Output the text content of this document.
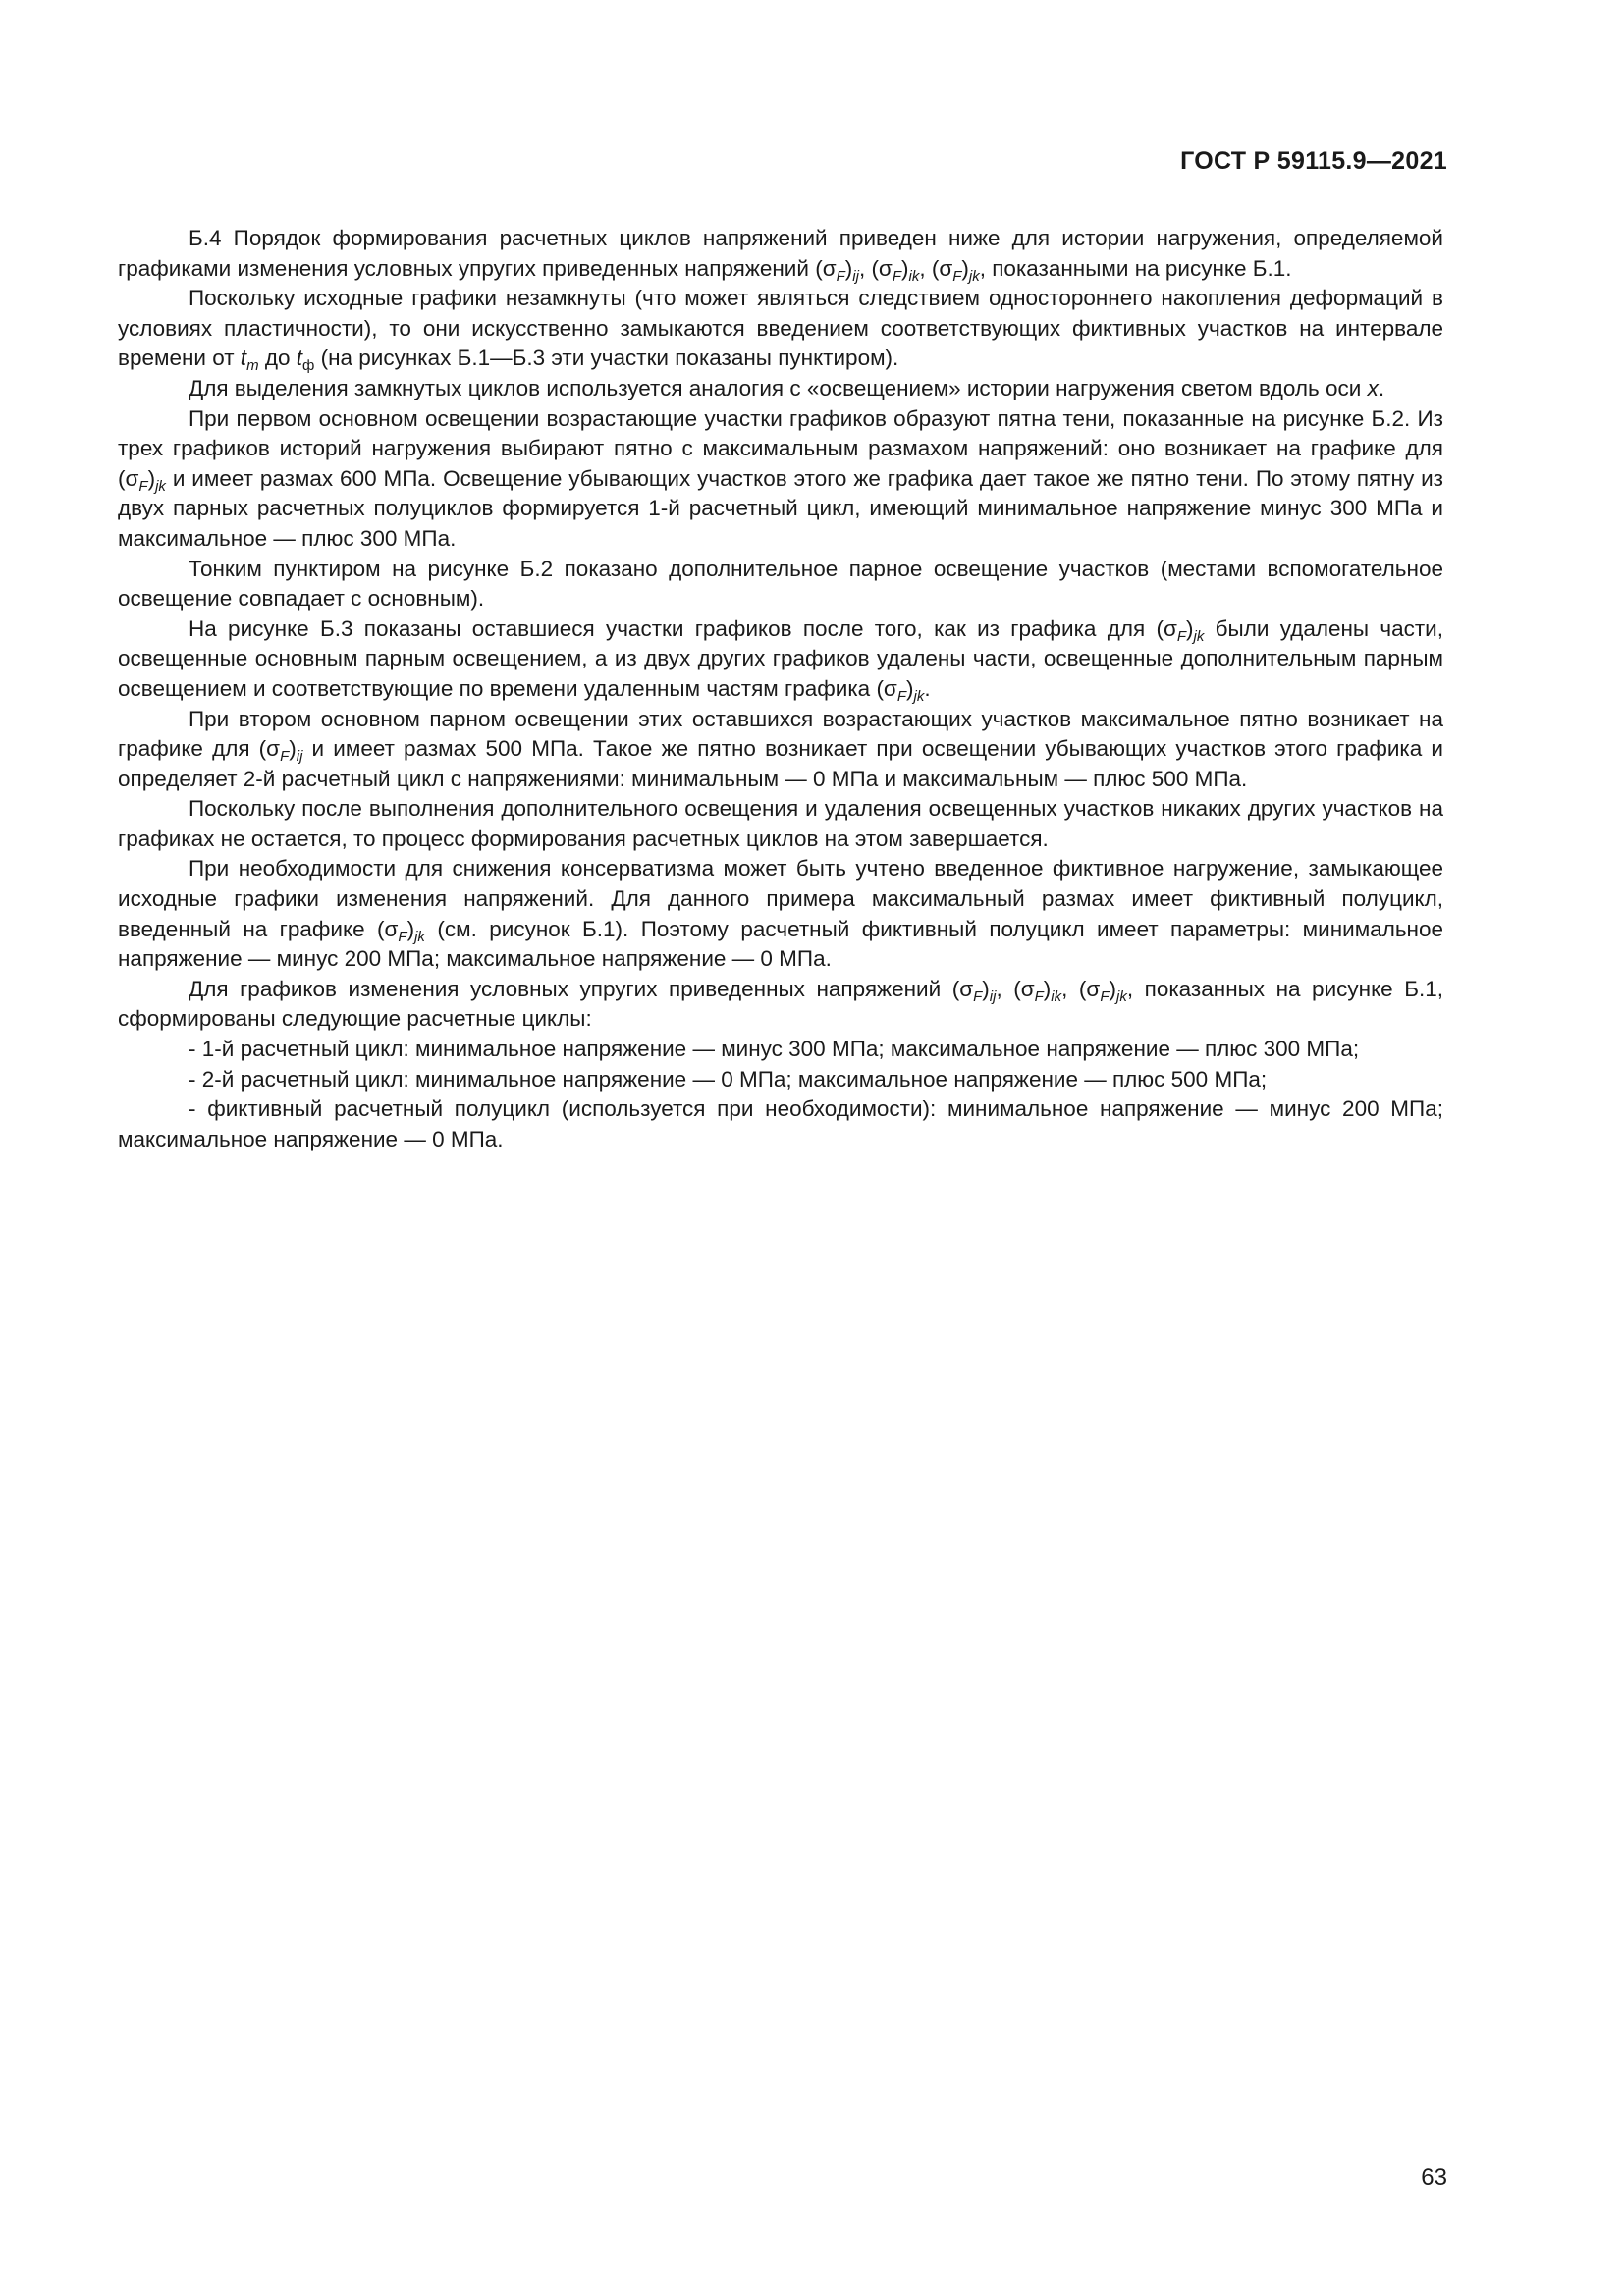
ГОСТ Р 59115.9—2021

Б.4 Порядок формирования расчетных циклов напряжений приведен ниже для истории нагружения, определяемой графиками изменения условных упругих приведенных напряжений $(\sigma_F)_{ij}$, $(\sigma_F)_{ik}$, $(\sigma_F)_{jk}$, показанными на рисунке Б.1.

Поскольку исходные графики незамкнуты (что может являться следствием одностороннего накопления деформаций в условиях пластичности), то они искусственно замыкаются введением соответствующих фиктивных участков на интервале времени от $t_m$ до $t_ф$ (на рисунках Б.1—Б.3 эти участки показаны пунктиром).

Для выделения замкнутых циклов используется аналогия с «освещением» истории нагружения светом вдоль оси x.

При первом основном освещении возрастающие участки графиков образуют пятна тени, показанные на рисунке Б.2. Из трех графиков историй нагружения выбирают пятно с максимальным размахом напряжений: оно возникает на графике для $(\sigma_F)_{jk}$ и имеет размах 600 МПа. Освещение убывающих участков этого же графика дает такое же пятно тени. По этому пятну из двух парных расчетных полуциклов формируется 1-й расчетный цикл, имеющий минимальное напряжение минус 300 МПа и максимальное — плюс 300 МПа.

Тонким пунктиром на рисунке Б.2 показано дополнительное парное освещение участков (местами вспомогательное освещение совпадает с основным).

На рисунке Б.3 показаны оставшиеся участки графиков после того, как из графика для $(\sigma_F)_{jk}$ были удалены части, освещенные основным парным освещением, а из двух других графиков удалены части, освещенные дополнительным парным освещением и соответствующие по времени удаленным частям графика $(\sigma_F)_{jk}$.

При втором основном парном освещении этих оставшихся возрастающих участков максимальное пятно возникает на графике для $(\sigma_F)_{ij}$ и имеет размах 500 МПа. Такое же пятно возникает при освещении убывающих участков этого графика и определяет 2-й расчетный цикл с напряжениями: минимальным — 0 МПа и максимальным — плюс 500 МПа.

Поскольку после выполнения дополнительного освещения и удаления освещенных участков никаких других участков на графиках не остается, то процесс формирования расчетных циклов на этом завершается.

При необходимости для снижения консерватизма может быть учтено введенное фиктивное нагружение, замыкающее исходные графики изменения напряжений. Для данного примера максимальный размах имеет фиктивный полуцикл, введенный на графике $(\sigma_F)_{jk}$ (см. рисунок Б.1). Поэтому расчетный фиктивный полуцикл имеет параметры: минимальное напряжение — минус 200 МПа; максимальное напряжение — 0 МПа.

Для графиков изменения условных упругих приведенных напряжений $(\sigma_F)_{ij}$, $(\sigma_F)_{ik}$, $(\sigma_F)_{jk}$, показанных на рисунке Б.1, сформированы следующие расчетные циклы:

- 1-й расчетный цикл: минимальное напряжение — минус 300 МПа; максимальное напряжение — плюс 300 МПа;

- 2-й расчетный цикл: минимальное напряжение — 0 МПа; максимальное напряжение — плюс 500 МПа;

- фиктивный расчетный полуцикл (используется при необходимости): минимальное напряжение — минус 200 МПа; максимальное напряжение — 0 МПа.

63
